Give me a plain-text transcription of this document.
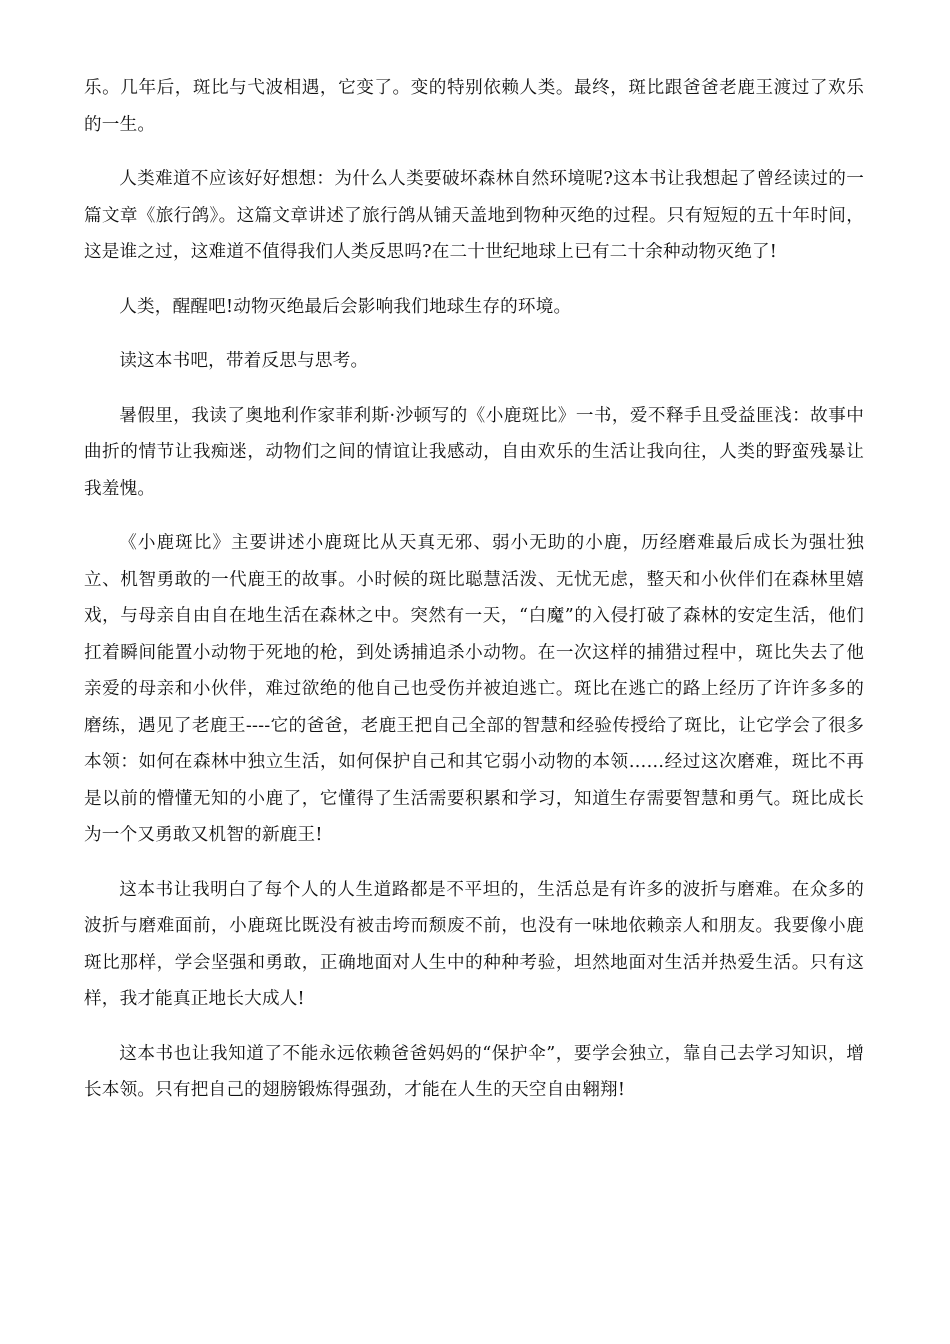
乐。几年后，斑比与弋波相遇，它变了。变的特别依赖人类。最终，斑比跟爸爸老鹿王渡过了欢乐的一生。

人类难道不应该好好想想：为什么人类要破坏森林自然环境呢?这本书让我想起了曾经读过的一篇文章《旅行鸽》。这篇文章讲述了旅行鸽从铺天盖地到物种灭绝的过程。只有短短的五十年时间，这是谁之过，这难道不值得我们人类反思吗?在二十世纪地球上已有二十余种动物灭绝了!

人类，醒醒吧!动物灭绝最后会影响我们地球生存的环境。

读这本书吧，带着反思与思考。

暑假里，我读了奥地利作家菲利斯·沙顿写的《小鹿斑比》一书，爱不释手且受益匪浅：故事中曲折的情节让我痴迷，动物们之间的情谊让我感动，自由欢乐的生活让我向往，人类的野蛮残暴让我羞愧。

《小鹿斑比》主要讲述小鹿斑比从天真无邪、弱小无助的小鹿，历经磨难最后成长为强壮独立、机智勇敢的一代鹿王的故事。小时候的斑比聪慧活泼、无忧无虑，整天和小伙伴们在森林里嬉戏，与母亲自由自在地生活在森林之中。突然有一天，“白魔”的入侵打破了森林的安定生活，他们扛着瞬间能置小动物于死地的枪，到处诱捕追杀小动物。在一次这样的捕猎过程中，斑比失去了他亲爱的母亲和小伙伴，难过欲绝的他自己也受伤并被迫逃亡。斑比在逃亡的路上经历了许许多多的磨练，遇见了老鹿王----它的爸爸，老鹿王把自己全部的智慧和经验传授给了斑比，让它学会了很多本领：如何在森林中独立生活，如何保护自己和其它弱小动物的本领……经过这次磨难，斑比不再是以前的懵懂无知的小鹿了，它懂得了生活需要积累和学习，知道生存需要智慧和勇气。斑比成长为一个又勇敢又机智的新鹿王!

这本书让我明白了每个人的人生道路都是不平坦的，生活总是有许多的波折与磨难。在众多的波折与磨难面前，小鹿斑比既没有被击垮而颓废不前，也没有一味地依赖亲人和朋友。我要像小鹿斑比那样，学会坚强和勇敢，正确地面对人生中的种种考验，坦然地面对生活并热爱生活。只有这样，我才能真正地长大成人!

这本书也让我知道了不能永远依赖爸爸妈妈的“保护伞”，要学会独立，靠自己去学习知识，增长本领。只有把自己的翅膀锻炼得强劲，才能在人生的天空自由翱翔!
